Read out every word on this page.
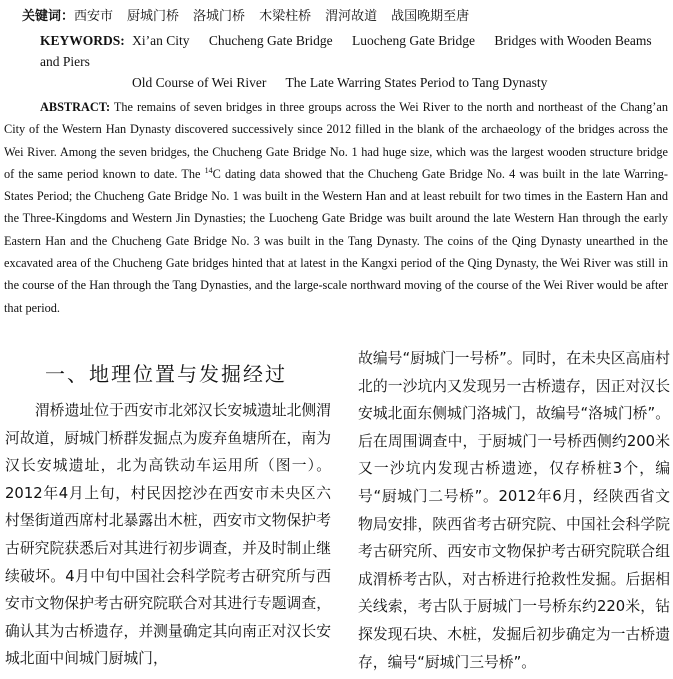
关键词：西安市 厨城门桥 洛城门桥 木梁柱桥 渭河故道 战国晚期至唐
KEYWORDS: Xi’an City Chucheng Gate Bridge Luocheng Gate Bridge Bridges with Wooden Beams and Piers
Old Course of Wei River The Late Warring States Period to Tang Dynasty
ABSTRACT: The remains of seven bridges in three groups across the Wei River to the north and northeast of the Chang’an City of the Western Han Dynasty discovered successively since 2012 filled in the blank of the archaeology of the bridges across the Wei River. Among the seven bridges, the Chucheng Gate Bridge No. 1 had huge size, which was the largest wooden structure bridge of the same period known to date. The $^{14}$C dating data showed that the Chucheng Gate Bridge No. 4 was built in the late Warring-States Period; the Chucheng Gate Bridge No. 1 was built in the Western Han and at least rebuilt for two times in the Eastern Han and the Three-Kingdoms and Western Jin Dynasties; the Luocheng Gate Bridge was built around the late Western Han through the early Eastern Han and the Chucheng Gate Bridge No. 3 was built in the Tang Dynasty. The coins of the Qing Dynasty unearthed in the excavated area of the Chucheng Gate bridges hinted that at latest in the Kangxi period of the Qing Dynasty, the Wei River was still in the course of the Han through the Tang Dynasties, and the large-scale northward moving of the course of the Wei River would be after that period.
一、地理位置与发掘经过
渭桥遗址位于西安市北郊汉长安城遗址北侧渭河故道，厨城门桥群发掘点为废弃鱼塘所在，南为汉长安城遗址，北为高铁动车运用所（图一）。2012年4月上旬，村民因挖沙在西安市未央区六村堡街道西席村北暴露出木桩，西安市文物保护考古研究院获悉后对其进行初步调查，并及时制止继续破坏。4月中旬中国社会科学院考古研究所与西安市文物保护考古研究院联合对其进行专题调查，确认其为古桥遗存，并测量确定其向南正对汉长安城北面中间城门厨城门，
故编号“厨城门一号桥”。同时，在未央区高庙村北的一沙坑内又发现另一古桥遗存，因正对汉长安城北面东侧城门洛城门，故编号“洛城门桥”。后在周围调查中，于厨城门一号桥西侧约200米又一沙坑内发现古桥遗迹，仅存桥桩3个，编号“厨城门二号桥”。2012年6月，经陕西省文物局安排，陕西省考古研究院、中国社会科学院考古研究所、西安市文物保护考古研究院联合组成渭桥考古队，对古桥进行抢救性发掘。后据相关线索，考古队于厨城门一号桥东约220米，钻探发现石块、木桩，发掘后初步确定为一古桥遗存，编号“厨城门三号桥”。
